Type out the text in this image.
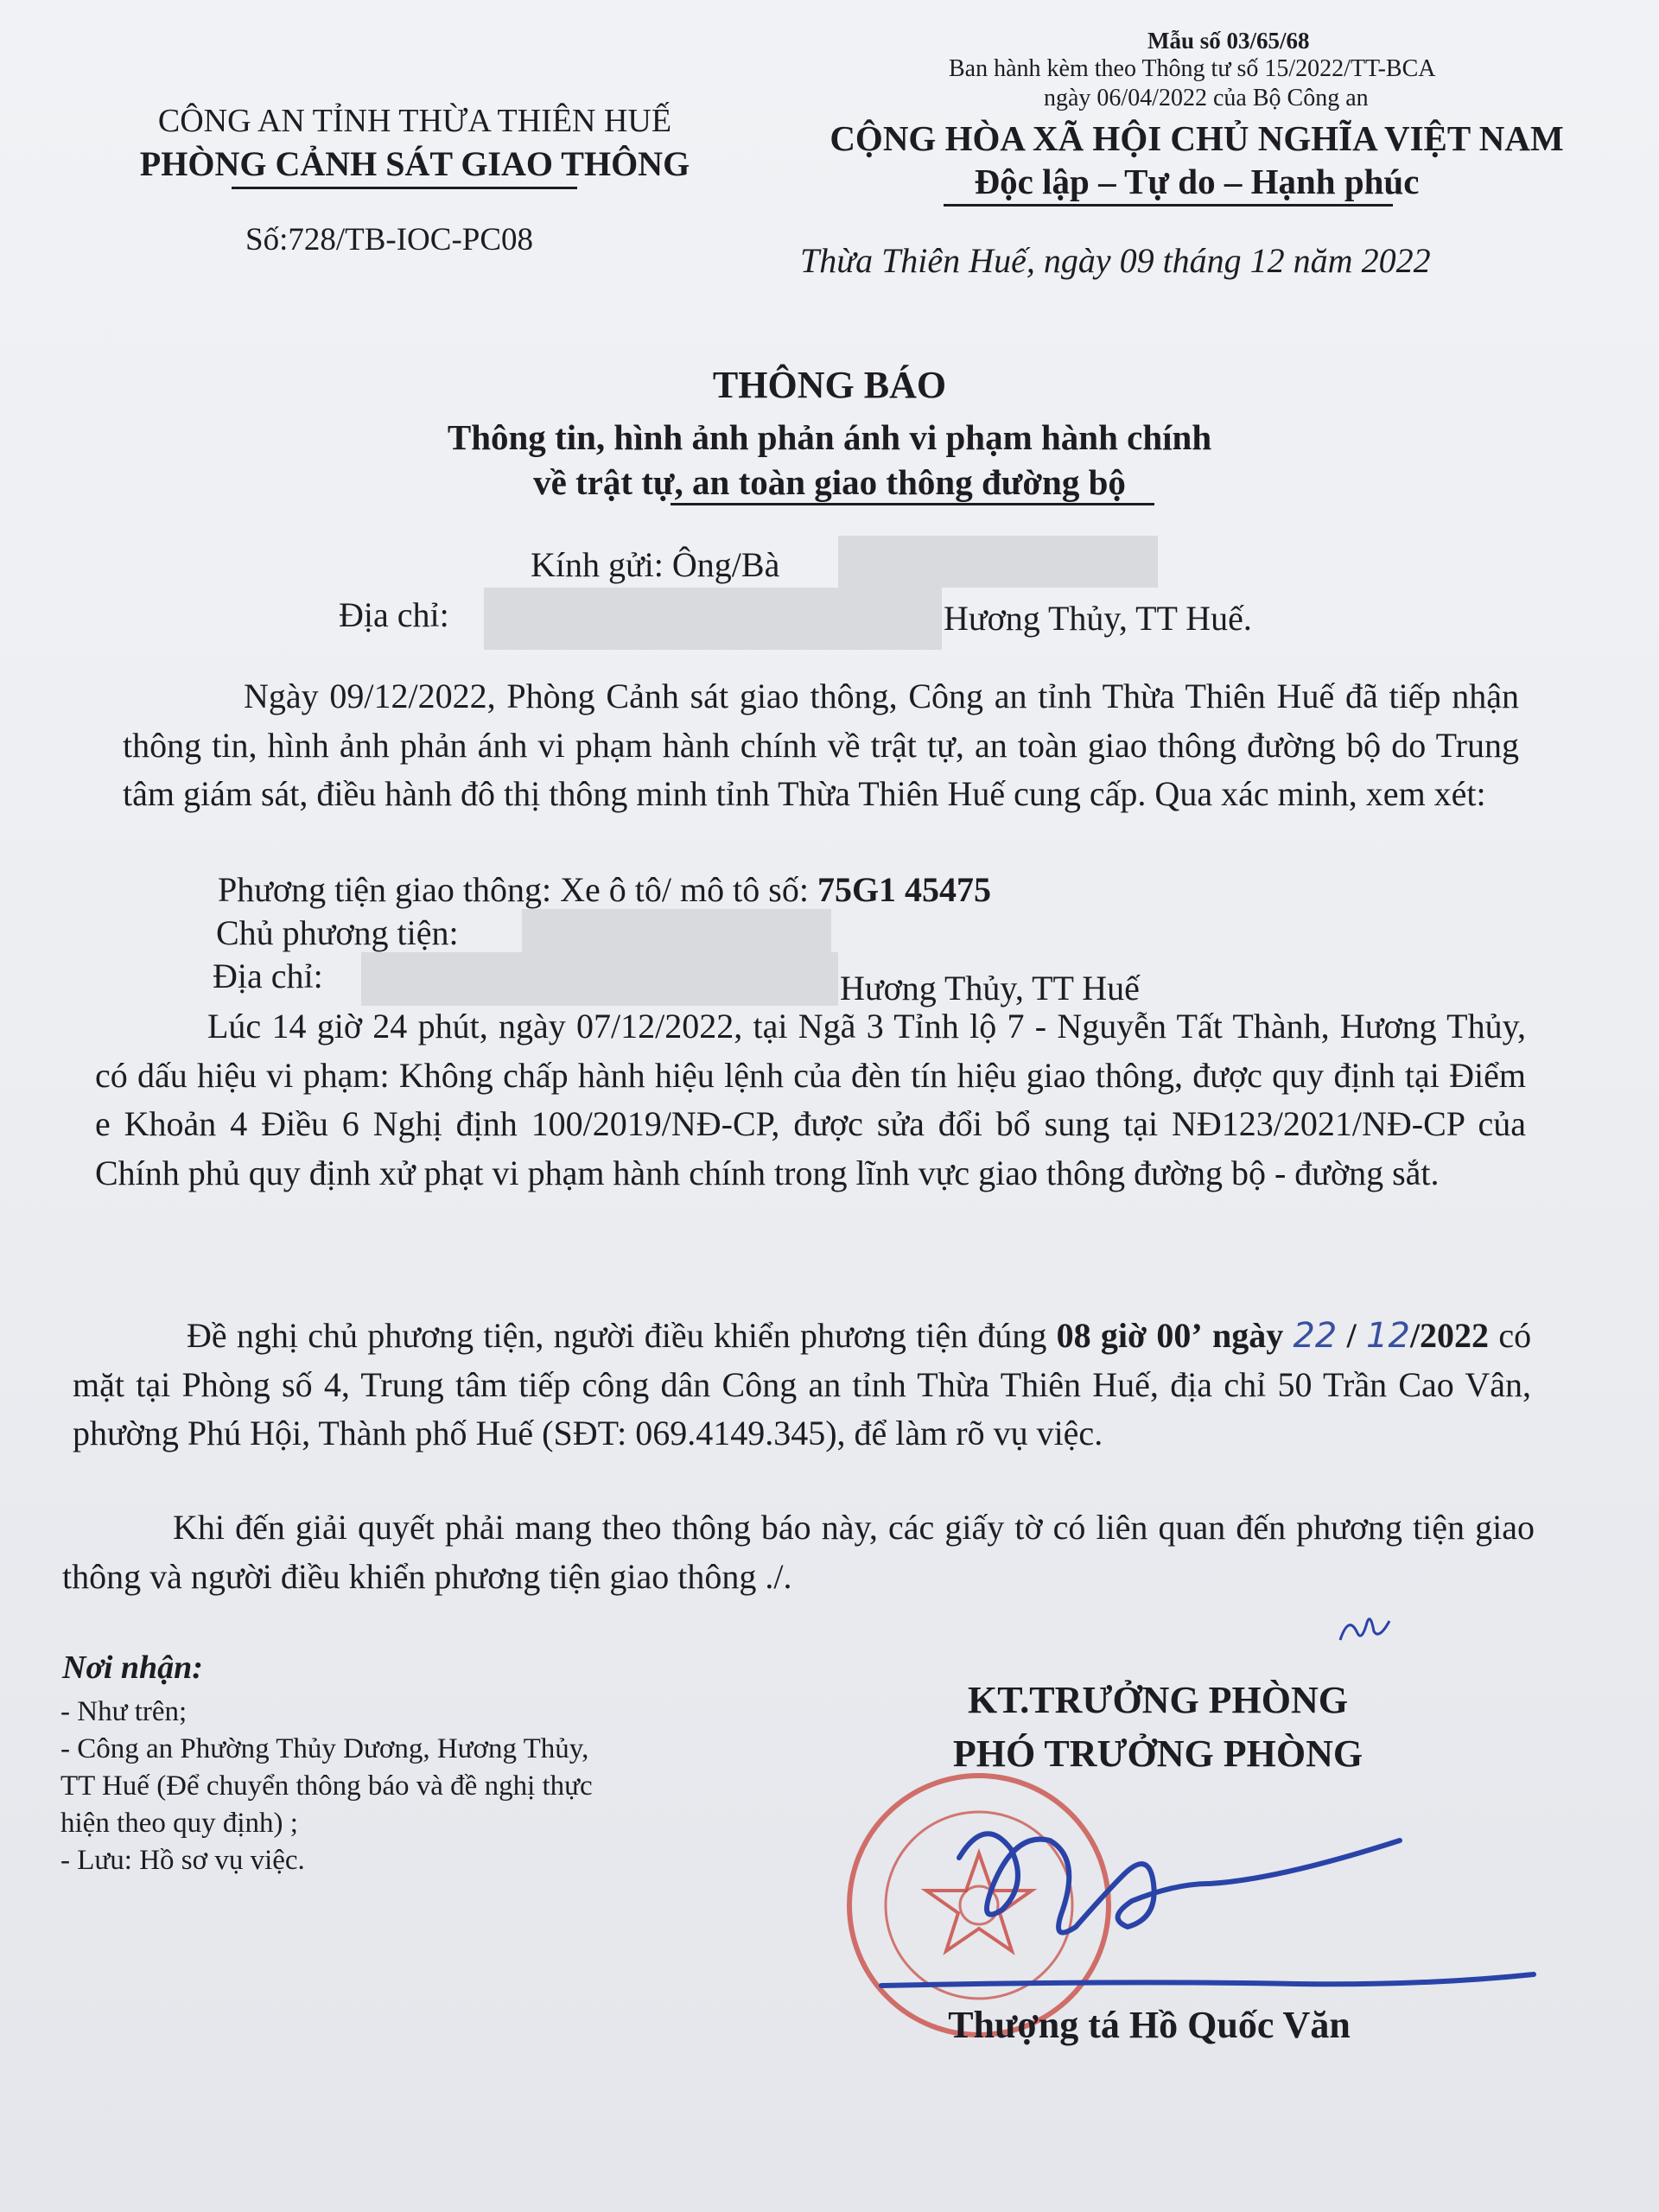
Mẫu số 03/65/68
Ban hành kèm theo Thông tư số 15/2022/TT-BCA
ngày 06/04/2022 của Bộ Công an
CÔNG AN TỈNH THỪA THIÊN HUẾ
PHÒNG CẢNH SÁT GIAO THÔNG
Số:728/TB-IOC-PC08
CỘNG HÒA XÃ HỘI CHỦ NGHĨA VIỆT NAM
Độc lập – Tự do – Hạnh phúc
Thừa Thiên Huế, ngày 09 tháng 12 năm 2022
THÔNG BÁO
Thông tin, hình ảnh phản ánh vi phạm hành chính
về trật tự, an toàn giao thông đường bộ
Kính gửi: Ông/Bà
Địa chỉ:	Hương Thủy, TT Huế.
Ngày 09/12/2022, Phòng Cảnh sát giao thông, Công an tỉnh Thừa Thiên Huế đã tiếp nhận thông tin, hình ảnh phản ánh vi phạm hành chính về trật tự, an toàn giao thông đường bộ do Trung tâm giám sát, điều hành đô thị thông minh tỉnh Thừa Thiên Huế cung cấp. Qua xác minh, xem xét:
Phương tiện giao thông: Xe ô tô/ mô tô số: 75G1 45475
Chủ phương tiện:
Địa chỉ:	Hương Thủy, TT Huế
Lúc 14 giờ 24 phút, ngày 07/12/2022, tại Ngã 3 Tỉnh lộ 7 - Nguyễn Tất Thành, Hương Thủy, có dấu hiệu vi phạm: Không chấp hành hiệu lệnh của đèn tín hiệu giao thông, được quy định tại Điểm e Khoản 4 Điều 6 Nghị định 100/2019/NĐ-CP, được sửa đổi bổ sung tại NĐ123/2021/NĐ-CP của Chính phủ quy định xử phạt vi phạm hành chính trong lĩnh vực giao thông đường bộ - đường sắt.
Đề nghị chủ phương tiện, người điều khiển phương tiện đúng 08 giờ 00’ ngày 22 / 12/2022 có mặt tại Phòng số 4, Trung tâm tiếp công dân Công an tỉnh Thừa Thiên Huế, địa chỉ 50 Trần Cao Vân, phường Phú Hội, Thành phố Huế (SĐT: 069.4149.345), để làm rõ vụ việc.
Khi đến giải quyết phải mang theo thông báo này, các giấy tờ có liên quan đến phương tiện giao thông và người điều khiển phương tiện giao thông ./.
Nơi nhận:
- Như trên;
- Công an Phường Thủy Dương, Hương Thủy,
TT Huế (Để chuyển thông báo và đề nghị thực
hiện theo quy định) ;
- Lưu: Hồ sơ vụ việc.
KT.TRƯỞNG PHÒNG
PHÓ TRƯỞNG PHÒNG
Thượng tá Hồ Quốc Văn
